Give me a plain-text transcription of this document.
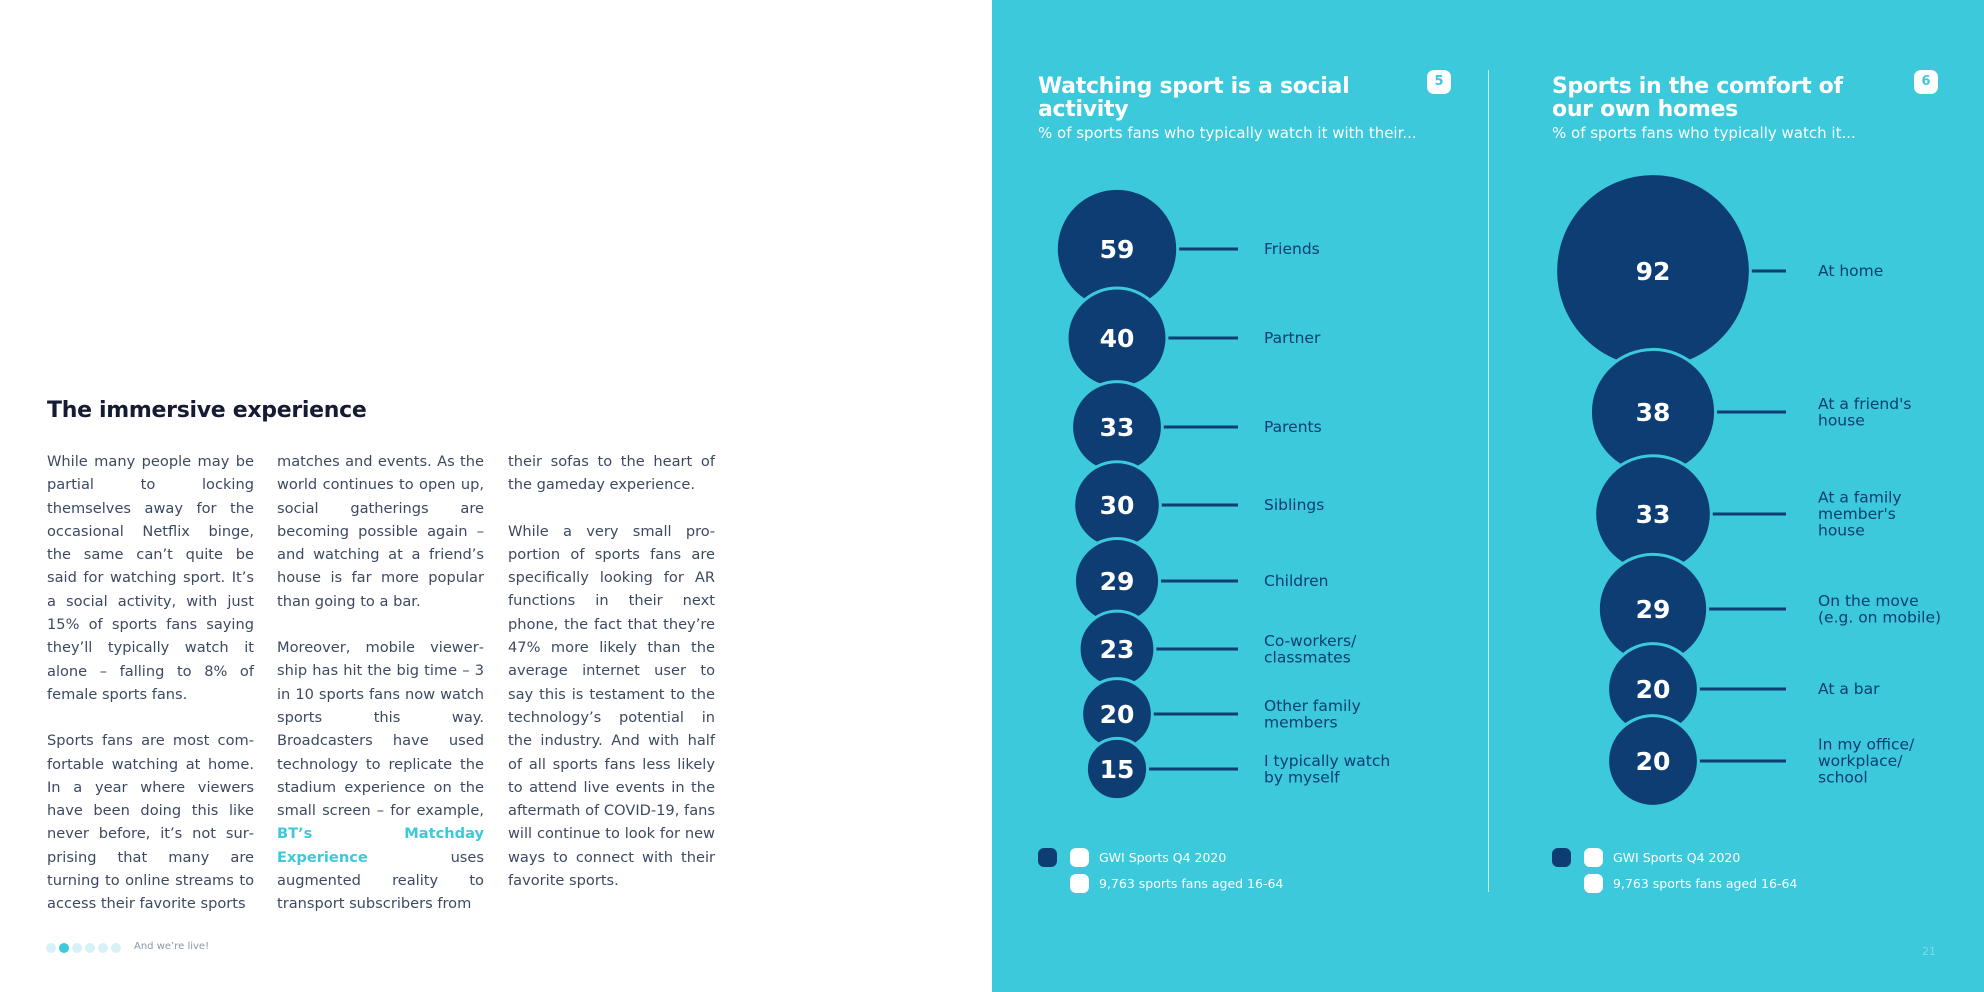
The immersive experience

While many people may be partial to locking themselves away for the occasional Netflix binge, the same can’t quite be said for watching sport. It’s a social activity, with just 15% of sports fans saying they’ll typically watch it alone – falling to 8% of female sports fans.

Sports fans are most comfortable watching at home. In a year where viewers have been doing this like never before, it’s not surprising that many are turning to online streams to access their favorite sports

matches and events. As the world continues to open up, social gatherings are becoming possible again – and watching at a friend’s house is far more popular than going to a bar.

Moreover, mobile viewership has hit the big time – 3 in 10 sports fans now watch sports this way. Broadcasters have used technology to replicate the stadium experience on the small screen – for example, BT’s Matchday Experience	uses augmented reality to transport subscribers from

their sofas to the heart of the gameday experience.

While a very small proportion of sports fans are specifically looking for AR functions in their next phone, the fact that they’re 47% more likely than the average internet user to say this is testament to the technology’s potential in the industry. And with half of all sports fans less likely to attend live events in the aftermath of COVID-19, fans will continue to look for new ways to connect with their favorite sports.

And we’re live!
Watching sport is a social activity
% of sports fans who typically watch it with their...
5	Sports in the comfort of our own homes
% of sports fans who typically watch it...
6
GWI Sports Q4 2020
9,763 sports fans aged 16-64
GWI Sports Q4 2020
9,763 sports fans aged 16-64
21
59	Friends
40	Partner
33	Parents
30	Siblings
29	Children
23	Co-workers/ classmates
20	Other family members
15	I typically watch by myself
92	At home
38	At a friend's house
33
At a family member's house
29	On the move (e.g. on mobile)
20	At a bar
20
In my office/ workplace/ school
